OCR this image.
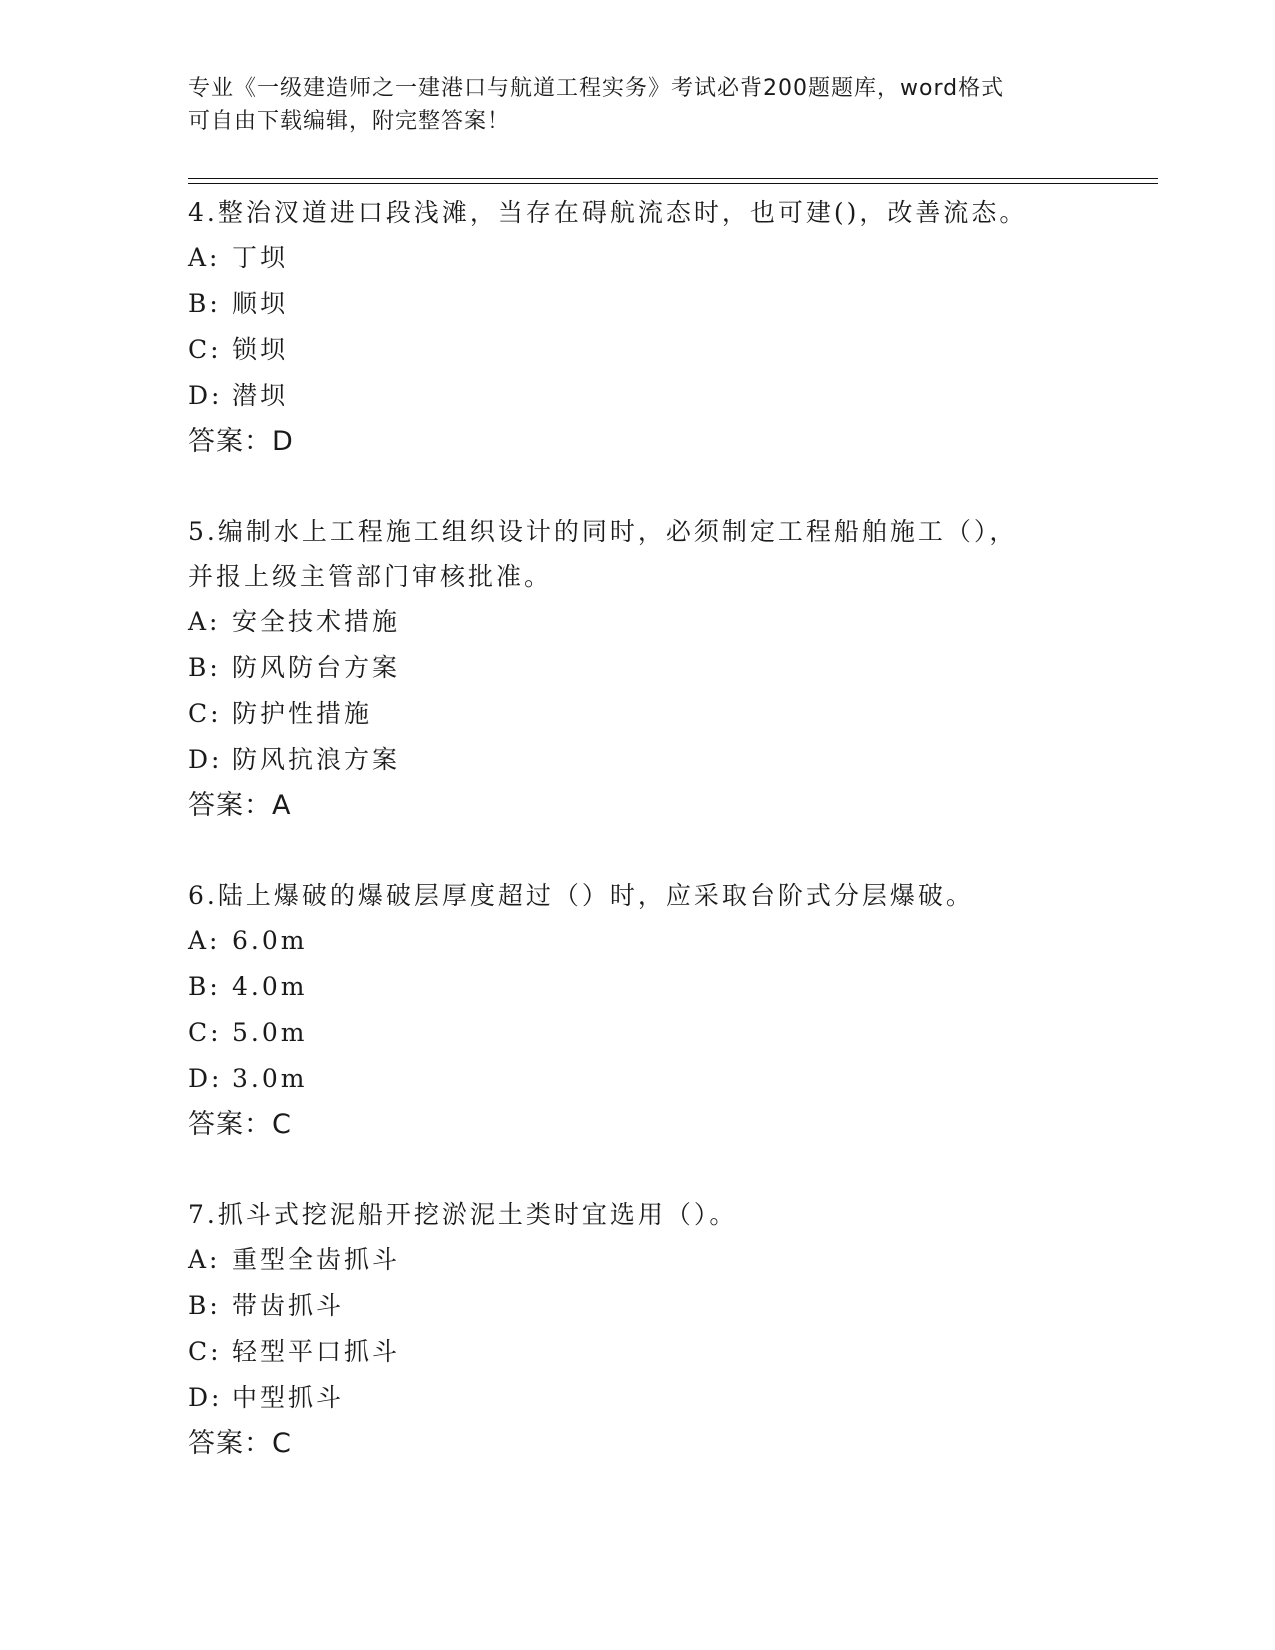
专业《一级建造师之一建港口与航道工程实务》考试必背200题题库，word格式
可自由下载编辑，附完整答案！

4.整治汊道进口段浅滩，当存在碍航流态时，也可建()，改善流态。

A: 丁坝

B: 顺坝

C: 锁坝

D: 潜坝

答案：D

5.编制水上工程施工组织设计的同时，必须制定工程船舶施工（），

并报上级主管部门审核批准。

A: 安全技术措施

B: 防风防台方案

C: 防护性措施

D: 防风抗浪方案

答案：A

6.陆上爆破的爆破层厚度超过（）时，应采取台阶式分层爆破。

A: 6.0m

B: 4.0m

C: 5.0m

D: 3.0m

答案：C

7.抓斗式挖泥船开挖淤泥土类时宜选用（）。

A: 重型全齿抓斗

B: 带齿抓斗

C: 轻型平口抓斗

D: 中型抓斗

答案：C
